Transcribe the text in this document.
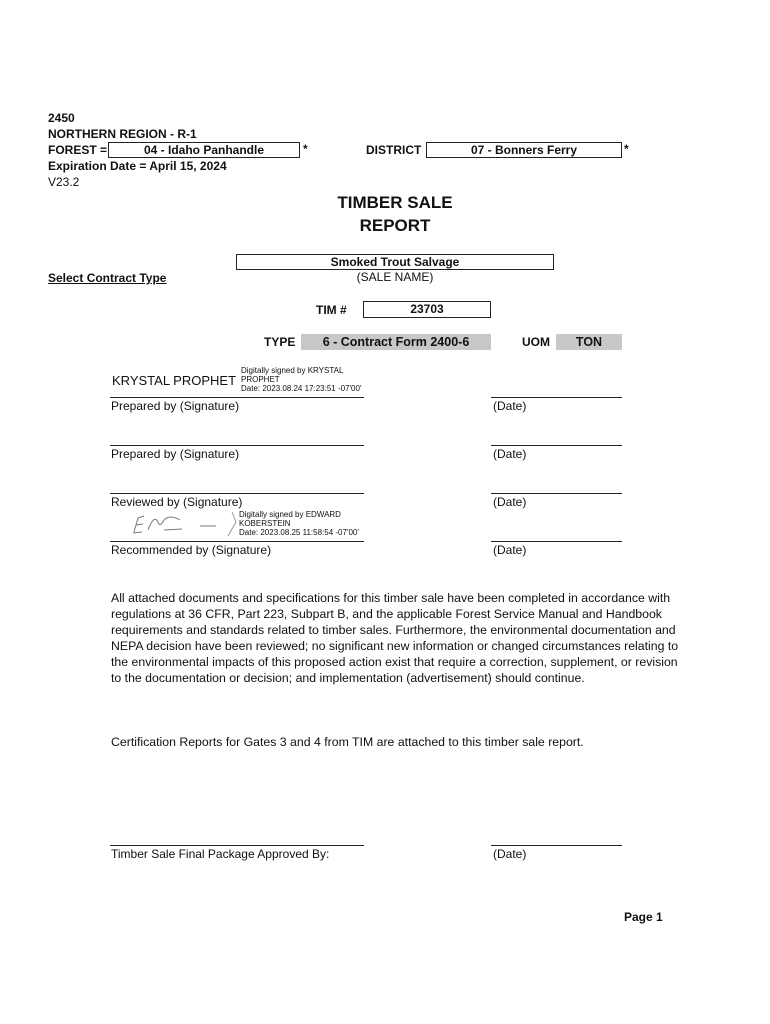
2450
NORTHERN REGION - R-1
FOREST =	04 - Idaho Panhandle	*	DISTRICT	07 - Bonners Ferry	*
Expiration Date = April 15, 2024
V23.2
TIMBER SALE
REPORT
Smoked Trout Salvage
(SALE NAME)
Select Contract Type
TIM #	23703
TYPE	6 - Contract Form 2400-6	UOM	TON
KRYSTAL PROPHET
Digitally signed by KRYSTAL
PROPHET
Date: 2023.08.24 17:23:51 -07'00'
Prepared by (Signature)	(Date)
Prepared by (Signature)	(Date)
Reviewed by (Signature)	(Date)
Digitally signed by EDWARD
KOBERSTEIN
Date: 2023.08.25 11:58:54 -07'00'
Recommended by (Signature)	(Date)
All attached documents and specifications for this timber sale have been completed in accordance with regulations at 36 CFR, Part 223, Subpart B, and the applicable Forest Service Manual and Handbook requirements and standards related to timber sales. Furthermore, the environmental documentation and NEPA decision have been reviewed; no significant new information or changed circumstances relating to the environmental impacts of this proposed action exist that require a correction, supplement, or revision to the documentation or decision; and implementation (advertisement) should continue.
Certification Reports for Gates 3 and 4 from TIM are attached to this timber sale report.
Timber Sale Final Package Approved By:	(Date)
Page 1
